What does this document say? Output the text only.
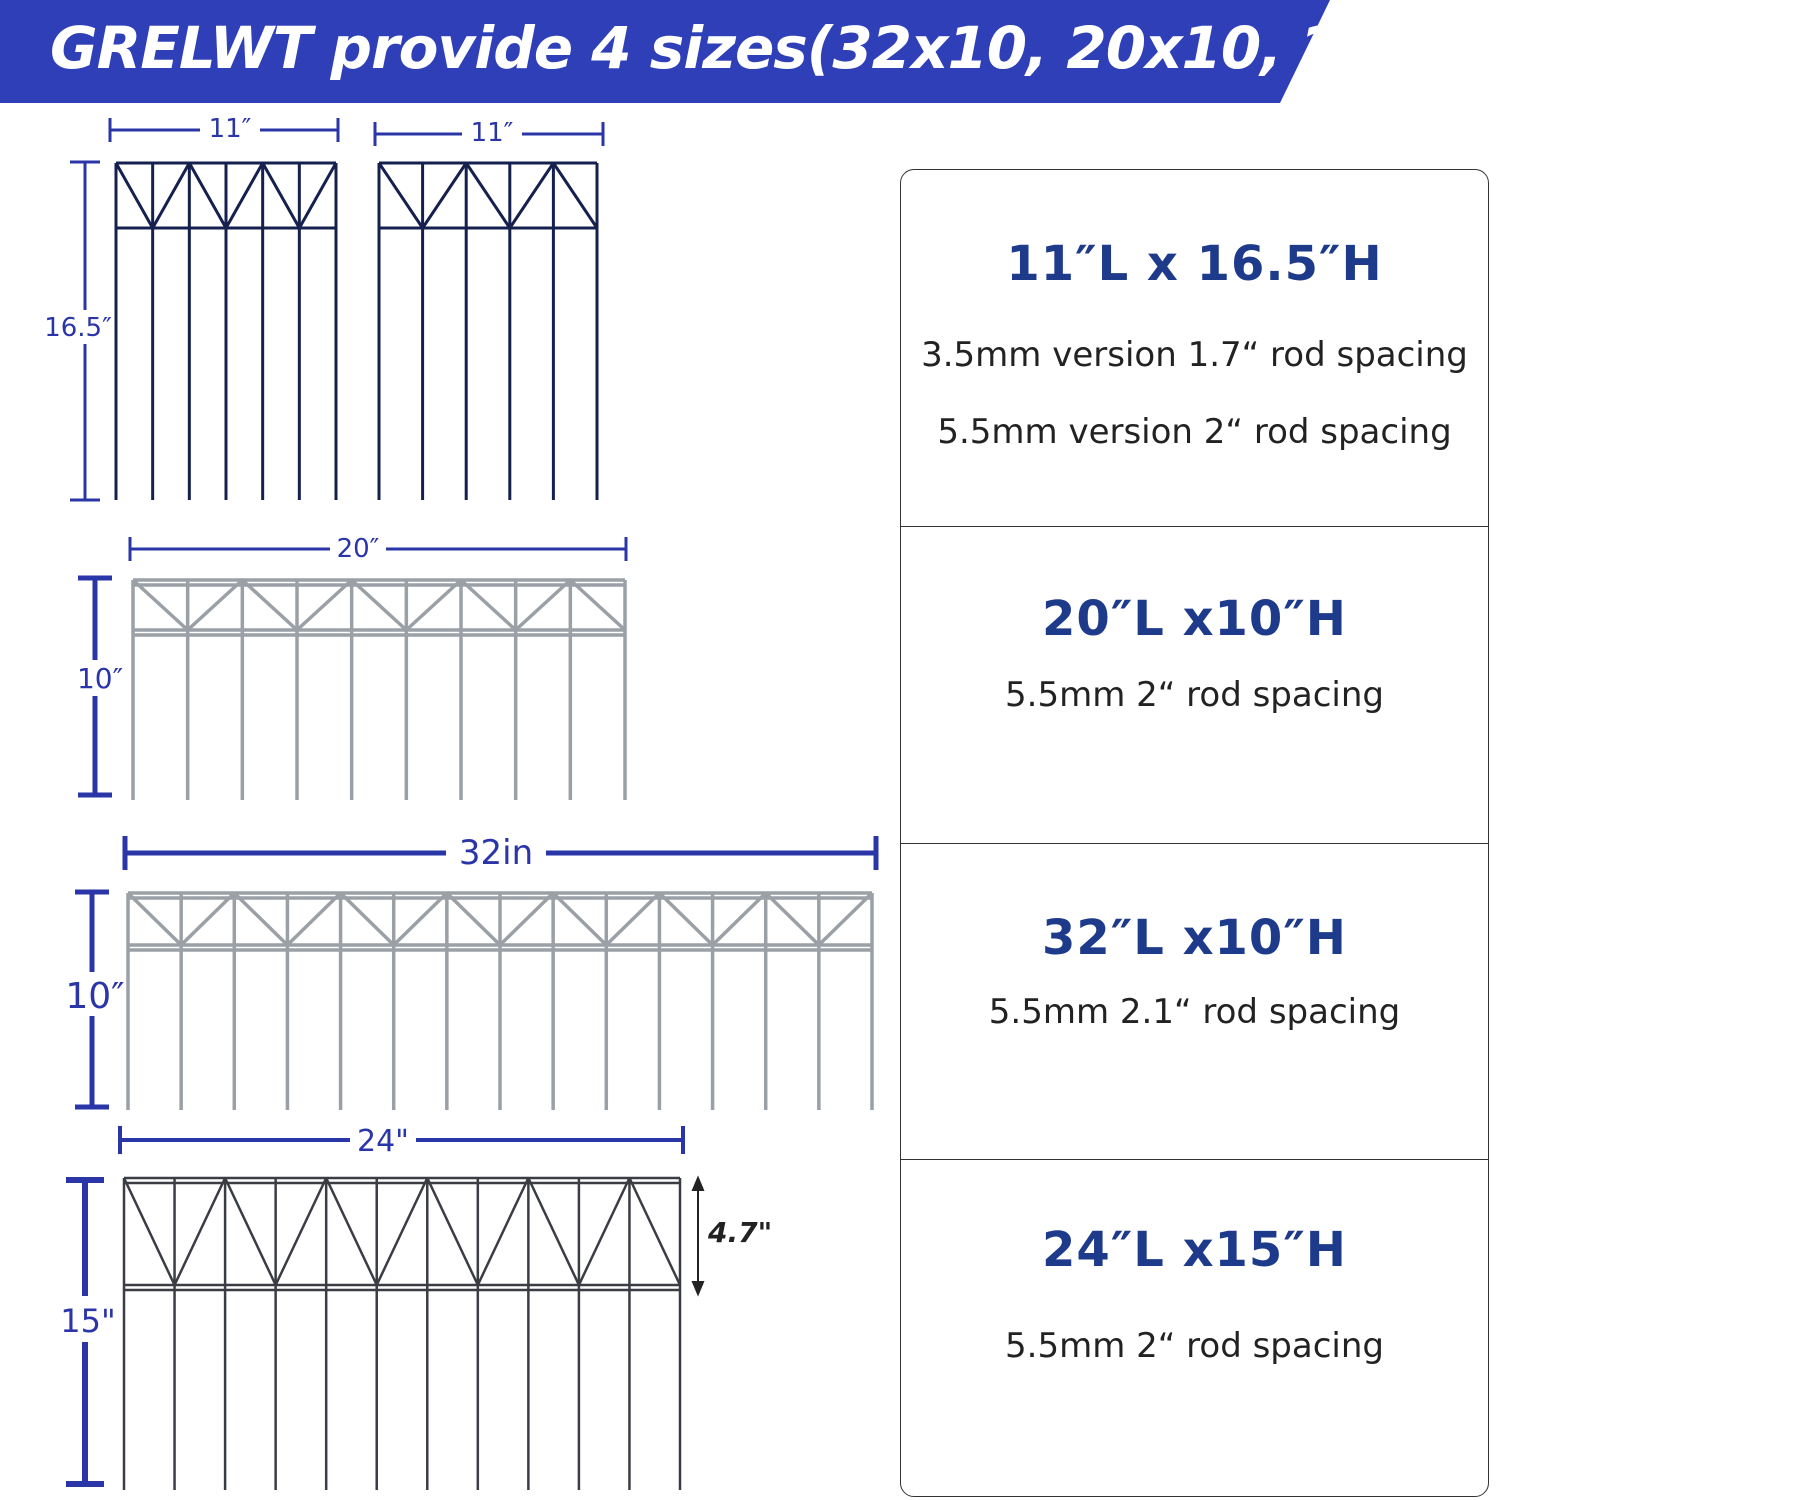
GRELWT provide 4 sizes(32x10, 20x10, 24x15,11x16.5)
11″	11″
16.5″
20″
10″
32in
10″
24"
15"
4.7"
11″L x 16.5″H
3.5mm version 1.7“ rod spacing
5.5mm version 2“ rod spacing
20″L x10″H
5.5mm 2“ rod spacing
32″L x10″H
5.5mm 2.1“ rod spacing
24″L x15″H
5.5mm 2“ rod spacing
